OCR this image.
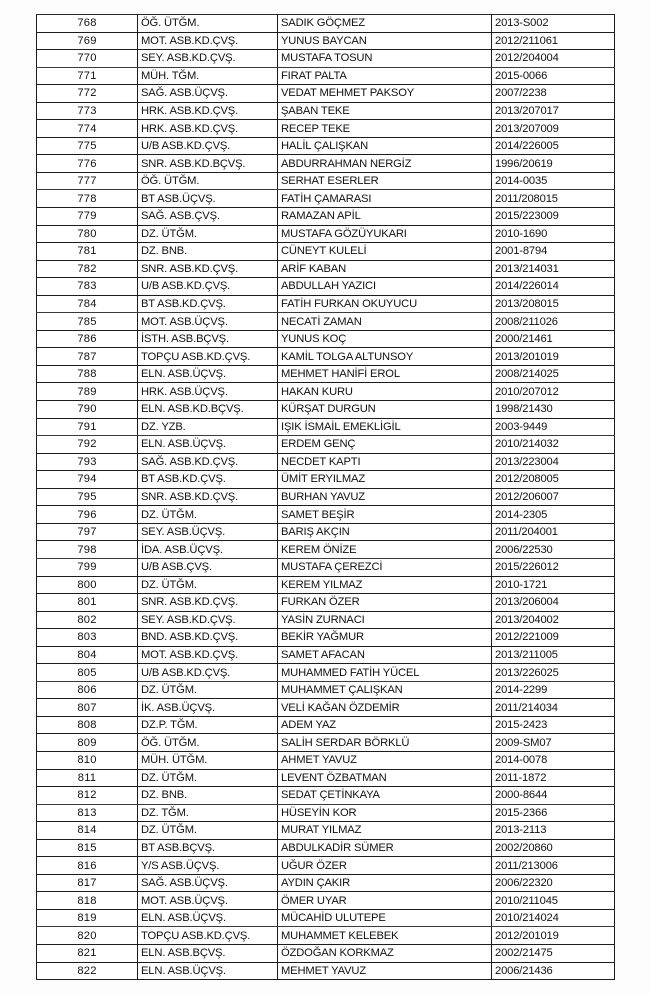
768	ÖĞ. ÜTĞM.	SADIK GÖÇMEZ	2013-S002
769	MOT. ASB.KD.ÇVŞ.	YUNUS BAYCAN	2012/211061
770	SEY. ASB.KD.ÇVŞ.	MUSTAFA TOSUN	2012/204004
771	MÜH. TĞM.	FIRAT PALTA	2015-0066
772	SAĞ. ASB.ÜÇVŞ.	VEDAT MEHMET PAKSOY	2007/2238
773	HRK. ASB.KD.ÇVŞ.	ŞABAN TEKE	2013/207017
774	HRK. ASB.KD.ÇVŞ.	RECEP TEKE	2013/207009
775	U/B ASB.KD.ÇVŞ.	HALİL ÇALIŞKAN	2014/226005
776	SNR. ASB.KD.BÇVŞ.	ABDURRAHMAN NERGİZ	1996/20619
777	ÖĞ. ÜTĞM.	SERHAT ESERLER	2014-0035
778	BT ASB.ÜÇVŞ.	FATİH ÇAMARASI	2011/208015
779	SAĞ. ASB.ÇVŞ.	RAMAZAN APİL	2015/223009
780	DZ. ÜTĞM.	MUSTAFA GÖZÜYUKARI	2010-1690
781	DZ. BNB.	CÜNEYT KULELİ	2001-8794
782	SNR. ASB.KD.ÇVŞ.	ARİF KABAN	2013/214031
783	U/B ASB.KD.ÇVŞ.	ABDULLAH YAZICI	2014/226014
784	BT ASB.KD.ÇVŞ.	FATİH FURKAN OKUYUCU	2013/208015
785	MOT. ASB.ÜÇVŞ.	NECATİ ZAMAN	2008/211026
786	İSTH. ASB.BÇVŞ.	YUNUS KOÇ	2000/21461
787	TOPÇU ASB.KD.ÇVŞ.	KAMİL TOLGA ALTUNSOY	2013/201019
788	ELN. ASB.ÜÇVŞ.	MEHMET HANİFİ EROL	2008/214025
789	HRK. ASB.ÜÇVŞ.	HAKAN KURU	2010/207012
790	ELN. ASB.KD.BÇVŞ.	KÜRŞAT DURGUN	1998/21430
791	DZ. YZB.	IŞIK İSMAİL EMEKLİGİL	2003-9449
792	ELN. ASB.ÜÇVŞ.	ERDEM GENÇ	2010/214032
793	SAĞ. ASB.KD.ÇVŞ.	NECDET KAPTI	2013/223004
794	BT ASB.KD.ÇVŞ.	ÜMİT ERYILMAZ	2012/208005
795	SNR. ASB.KD.ÇVŞ.	BURHAN YAVUZ	2012/206007
796	DZ. ÜTĞM.	SAMET BEŞİR	2014-2305
797	SEY. ASB.ÜÇVŞ.	BARIŞ AKÇIN	2011/204001
798	İDA. ASB.ÜÇVŞ.	KEREM ÖNİZE	2006/22530
799	U/B ASB.ÇVŞ.	MUSTAFA ÇEREZCİ	2015/226012
800	DZ. ÜTĞM.	KEREM YILMAZ	2010-1721
801	SNR. ASB.KD.ÇVŞ.	FURKAN ÖZER	2013/206004
802	SEY. ASB.KD.ÇVŞ.	YASİN ZURNACI	2013/204002
803	BND. ASB.KD.ÇVŞ.	BEKİR YAĞMUR	2012/221009
804	MOT. ASB.KD.ÇVŞ.	SAMET AFACAN	2013/211005
805	U/B ASB.KD.ÇVŞ.	MUHAMMED FATİH YÜCEL	2013/226025
806	DZ. ÜTĞM.	MUHAMMET ÇALIŞKAN	2014-2299
807	İK. ASB.ÜÇVŞ.	VELİ KAĞAN ÖZDEMİR	2011/214034
808	DZ.P. TĞM.	ADEM YAZ	2015-2423
809	ÖĞ. ÜTĞM.	SALİH SERDAR BÖRKLÜ	2009-SM07
810	MÜH. ÜTĞM.	AHMET YAVUZ	2014-0078
811	DZ. ÜTĞM.	LEVENT ÖZBATMAN	2011-1872
812	DZ. BNB.	SEDAT ÇETİNKAYA	2000-8644
813	DZ. TĞM.	HÜSEYİN KOR	2015-2366
814	DZ. ÜTĞM.	MURAT YILMAZ	2013-2113
815	BT ASB.BÇVŞ.	ABDULKADİR SÜMER	2002/20860
816	Y/S ASB.ÜÇVŞ.	UĞUR ÖZER	2011/213006
817	SAĞ. ASB.ÜÇVŞ.	AYDIN ÇAKIR	2006/22320
818	MOT. ASB.ÜÇVŞ.	ÖMER UYAR	2010/211045
819	ELN. ASB.ÜÇVŞ.	MÜCAHİD ULUTEPE	2010/214024
820	TOPÇU ASB.KD.ÇVŞ.	MUHAMMET KELEBEK	2012/201019
821	ELN. ASB.BÇVŞ.	ÖZDOĞAN KORKMAZ	2002/21475
822	ELN. ASB.ÜÇVŞ.	MEHMET YAVUZ	2006/21436
